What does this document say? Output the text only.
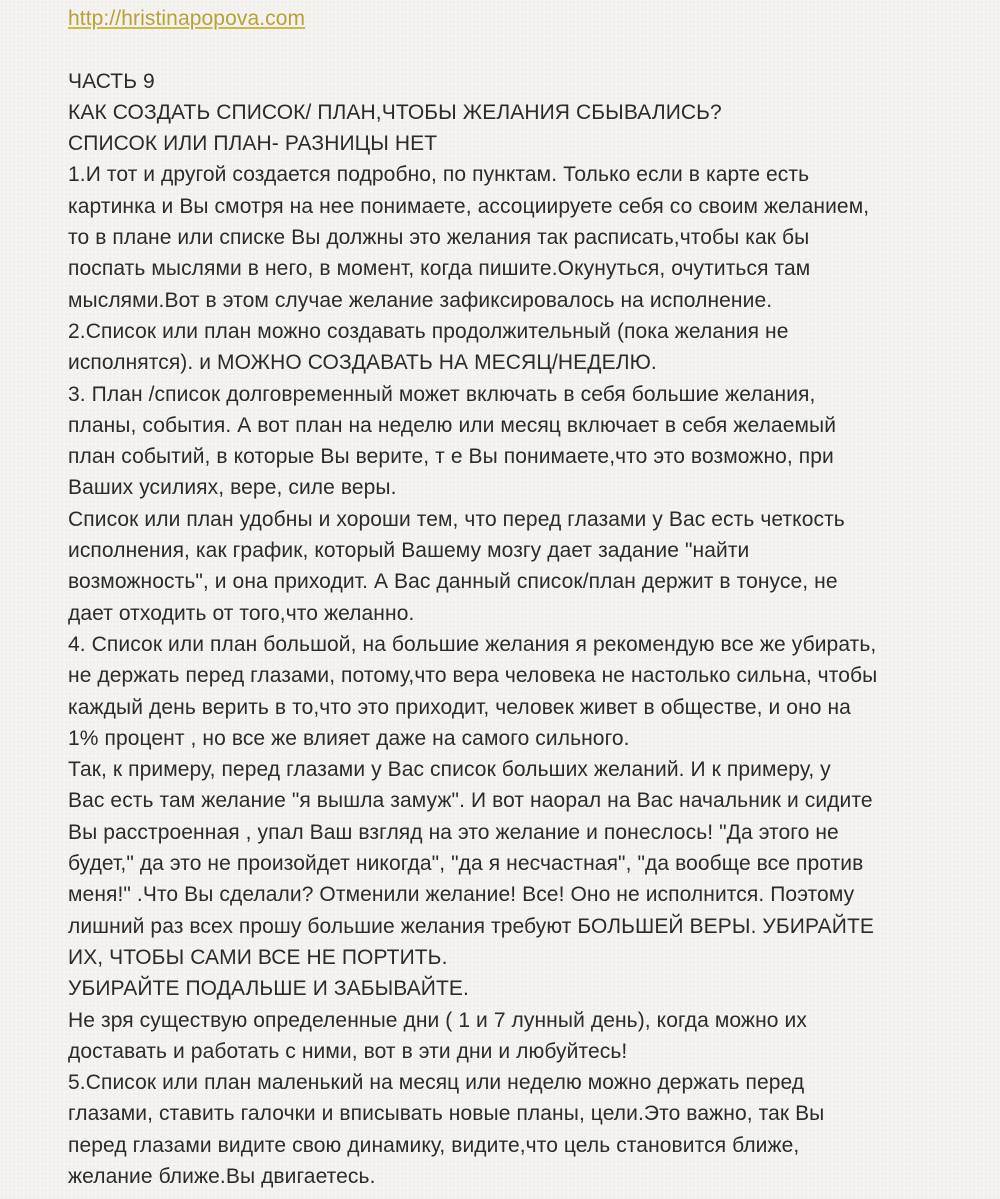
http://hristinapopova.com
ЧАСТЬ 9
КАК СОЗДАТЬ СПИСОК/ ПЛАН,ЧТОБЫ ЖЕЛАНИЯ СБЫВАЛИСЬ?
СПИСОК ИЛИ ПЛАН- РАЗНИЦЫ НЕТ
1.И тот и другой создается подробно, по пунктам. Только если в карте есть
картинка и Вы смотря на нее понимаете, ассоциируете себя со своим желанием,
то в плане или списке Вы должны это желания так расписать,чтобы как бы
поспать мыслями в него, в момент, когда пишите.Окунуться, очутиться там
мыслями.Вот в этом случае желание зафиксировалось на исполнение.
2.Список или план можно создавать продолжительный (пока желания не
исполнятся). и МОЖНО СОЗДАВАТЬ НА МЕСЯЦ/НЕДЕЛЮ.
3. План /список долговременный может включать в себя большие желания,
планы, события. А вот план на неделю или месяц включает в себя желаемый
план событий, в которые Вы верите, т е Вы понимаете,что это возможно, при
Ваших усилиях, вере, силе веры.
Список или план удобны и хороши тем, что перед глазами у Вас есть четкость
исполнения, как график, который Вашему мозгу дает задание "найти
возможность", и она приходит. А Вас данный список/план держит в тонусе, не
дает отходить от того,что желанно.
4. Список или план большой, на большие желания я рекомендую все же убирать,
не держать перед глазами, потому,что вера человека не настолько сильна, чтобы
каждый день верить в то,что это приходит, человек живет в обществе, и оно на
1% процент , но все же влияет даже на самого сильного.
Так, к примеру, перед глазами у Вас список больших желаний. И к примеру, у
Вас есть там желание "я вышла замуж". И вот наорал на Вас начальник и сидите
Вы расстроенная , упал Ваш взгляд на это желание и понеслось! "Да этого не
будет," да это не произойдет никогда", "да я несчастная", "да вообще все против
меня!" .Что Вы сделали? Отменили желание! Все! Оно не исполнится. Поэтому
лишний раз всех прошу большие желания требуют БОЛЬШЕЙ ВЕРЫ. УБИРАЙТЕ
ИХ, ЧТОБЫ САМИ ВСЕ НЕ ПОРТИТЬ.
УБИРАЙТЕ ПОДАЛЬШЕ И ЗАБЫВАЙТЕ.
Не зря существую определенные дни ( 1 и 7 лунный день), когда можно их
доставать и работать с ними, вот в эти дни и любуйтесь!
5.Список или план маленький на месяц или неделю можно держать перед
глазами, ставить галочки и вписывать новые планы, цели.Это важно, так Вы
перед глазами видите свою динамику, видите,что цель становится ближе,
желание ближе.Вы двигаетесь.
